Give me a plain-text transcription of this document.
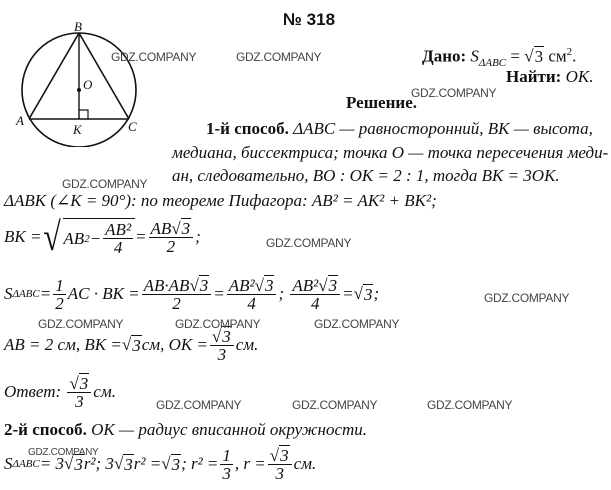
№ 318
B
O
A
K	C
Дано: $S_{\Delta ABC} = √3$ $см^2$.
Найти: OK.
Решение.
1-й способ. ΔABC — равносторонний, BK — высота,
медиана, биссектриса; точка O — точка пересечения меди-
ан, следовательно, BO : OK = 2 : 1, тогда BK = 3OK.
ΔABK (∠K = 90°): по теореме Пифагора: AB² = AK² + BK²;
BK = √ AB $2 - \frac{\text{AB²}}{4} = \frac{AB√3}{2}$ ;
S $\Delta ABC = \frac{1}{2}$ AC · BK = $\frac{AB\cdot AB√3}{2} = \frac{\text{AB²√3}}{4}$ ;
$\frac{\text{AB²√3}}{4}$ = √ 3 ;
AB = 2 см, BK = √ 3 см, OK = $\frac{√3}{3}$ см.
Ответ:
$\frac{√3}{3}$ см.
2-й способ. OK — радиус вписанной окружности.
S ΔABC = 3 √ 3 r²; 3 √ 3 r² = √ 3 ; $r^2 = \frac{1}{3}$ , $r = \frac{√3}{3}$ см.
GDZ.COMPANY	GDZ.COMPANY
GDZ.COMPANY
GDZ.COMPANY
GDZ.COMPANY
GDZ.COMPANY
GDZ.COMPANY	GDZ.COMPANY	GDZ.COMPANY
GDZ.COMPANY	GDZ.COMPANY	GDZ.COMPANY
GDZ.COMPANY
